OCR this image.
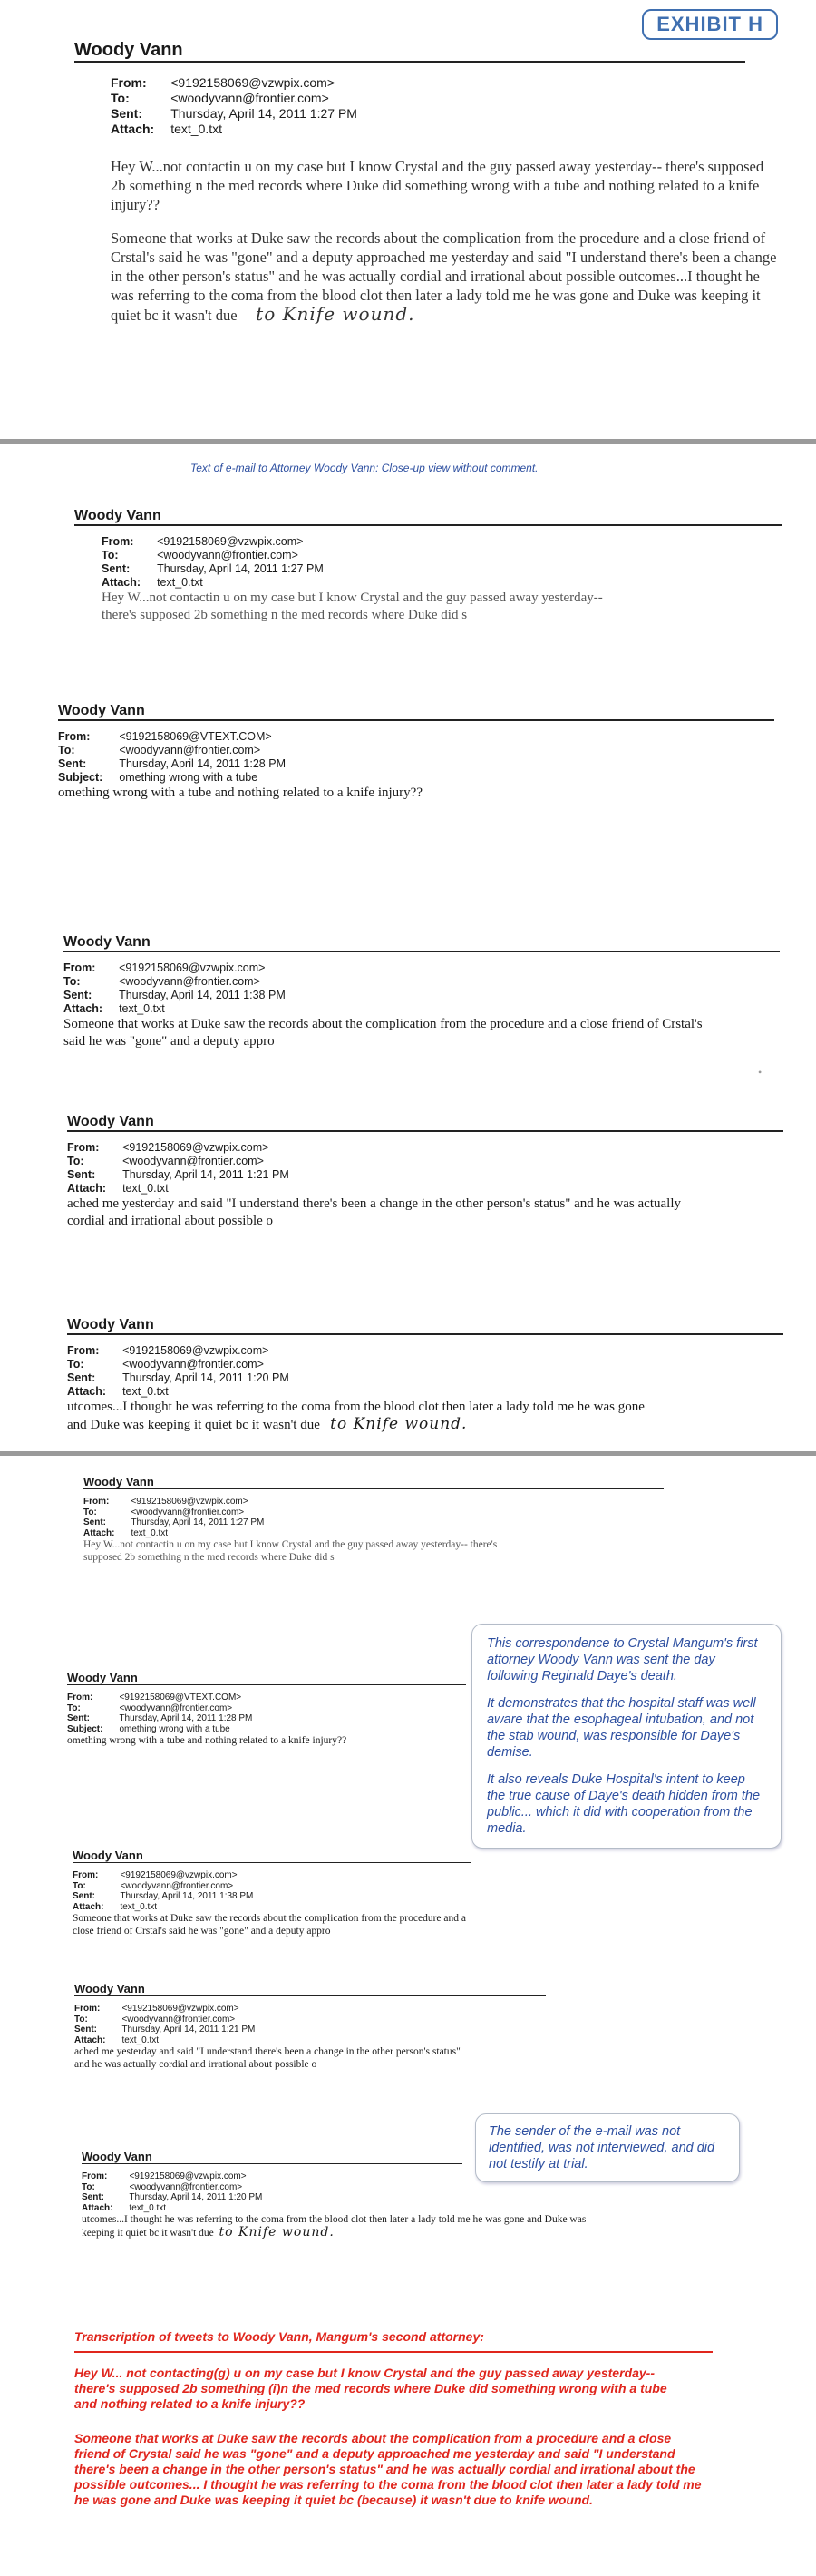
EXHIBIT H
Woody Vann
From:	<9192158069@vzwpix.com>
To:	<woodyvann@frontier.com>
Sent:	Thursday, April 14, 2011 1:27 PM
Attach: text_0.txt

Hey W...not contactin u on my case but I know Crystal and the guy passed away yesterday-- there's supposed 2b something n the med records where Duke did something wrong with a tube and nothing related to a knife injury??

Someone that works at Duke saw the records about the complication from the procedure and a close friend of Crstal's said he was "gone" and a deputy approached me yesterday and said "I understand there's been a change in the other person's status" and he was actually cordial and irrational about possible outcomes...I thought he was referring to the coma from the blood clot then later a lady told me he was gone and Duke was keeping it quiet bc it wasn't due to Knife wound.

Text of e-mail to Attorney Woody Vann: Close-up view without comment.
Woody Vann
From:	<9192158069@vzwpix.com>
To:	<woodyvann@frontier.com>
Sent:	Thursday, April 14, 2011 1:27 PM
Attach: text_0.txt

Hey W...not contactin u on my case but I know Crystal and the guy passed away yesterday-- there's supposed 2b something n the med records where Duke did s

Woody Vann
From:	<9192158069@VTEXT.COM>
To:	<woodyvann@frontier.com>
Sent:	Thursday, April 14, 2011 1:28 PM
Subject: omething wrong with a tube

omething wrong with a tube and nothing related to a knife injury??

Woody Vann
From:	<9192158069@vzwpix.com>
To:	<woodyvann@frontier.com>
Sent:	Thursday, April 14, 2011 1:38 PM
Attach: text_0.txt

Someone that works at Duke saw the records about the complication from the procedure and a close friend of Crstal's said he was "gone" and a deputy appro

•
Woody Vann
From:	<9192158069@vzwpix.com>
To:	<woodyvann@frontier.com>
Sent:	Thursday, April 14, 2011 1:21 PM
Attach: text_0.txt

ached me yesterday and said "I understand there's been a change in the other person's status" and he was actually cordial and irrational about possible o

Woody Vann
From:	<9192158069@vzwpix.com>
To:	<woodyvann@frontier.com>
Sent:	Thursday, April 14, 2011 1:20 PM
Attach: text_0.txt

utcomes...I thought he was referring to the coma from the blood clot then later a lady told me he was gone and Duke was keeping it quiet bc it wasn't due to Knife wound.

Woody Vann
From:	<9192158069@vzwpix.com>
To:	<woodyvann@frontier.com>
Sent:	Thursday, April 14, 2011 1:27 PM
Attach: text_0.txt

Hey W...not contactin u on my case but I know Crystal and the guy passed away yesterday-- there's supposed 2b something n the med records where Duke did s

This correspondence to Crystal Mangum's first attorney Woody Vann was sent the day following Reginald Daye's death.

It demonstrates that the hospital staff was well aware that the esophageal intubation, and not the stab wound, was responsible for Daye's demise.

It also reveals Duke Hospital's intent to keep the true cause of Daye's death hidden from the public... which it did with cooperation from the media.

Woody Vann
From:	<9192158069@VTEXT.COM>
To:	<woodyvann@frontier.com>
Sent:	Thursday, April 14, 2011 1:28 PM
Subject: omething wrong with a tube

omething wrong with a tube and nothing related to a knife injury??

Woody Vann
From:	<9192158069@vzwpix.com>
To:	<woodyvann@frontier.com>
Sent:	Thursday, April 14, 2011 1:38 PM
Attach: text_0.txt

Someone that works at Duke saw the records about the complication from the procedure and a close friend of Crstal's said he was "gone" and a deputy appro

Woody Vann
From:	<9192158069@vzwpix.com>
To:	<woodyvann@frontier.com>
Sent:	Thursday, April 14, 2011 1:21 PM
Attach: text_0.txt

ached me yesterday and said "I understand there's been a change in the other person's status" and he was actually cordial and irrational about possible o

The sender of the e-mail was not identified, was not interviewed, and did not testify at trial.

Woody Vann
From:	<9192158069@vzwpix.com>
To:	<woodyvann@frontier.com>
Sent:	Thursday, April 14, 2011 1:20 PM
Attach: text_0.txt

utcomes...I thought he was referring to the coma from the blood clot then later a lady told me he was gone and Duke was keeping it quiet bc it wasn't due to Knife wound.

Transcription of tweets to Woody Vann, Mangum's second attorney:
Hey W... not contacting(g) u on my case but I know Crystal and the guy passed away yesterday-- there's supposed 2b something (i)n the med records where Duke did something wrong with a tube and nothing related to a knife injury??
Someone that works at Duke saw the records about the complication from a procedure and a close friend of Crystal said he was "gone" and a deputy approached me yesterday and said "I understand there's been a change in the other person's status" and he was actually cordial and irrational about the possible outcomes... I thought he was referring to the coma from the blood clot then later a lady told me he was gone and Duke was keeping it quiet bc (because) it wasn't due to knife wound.
